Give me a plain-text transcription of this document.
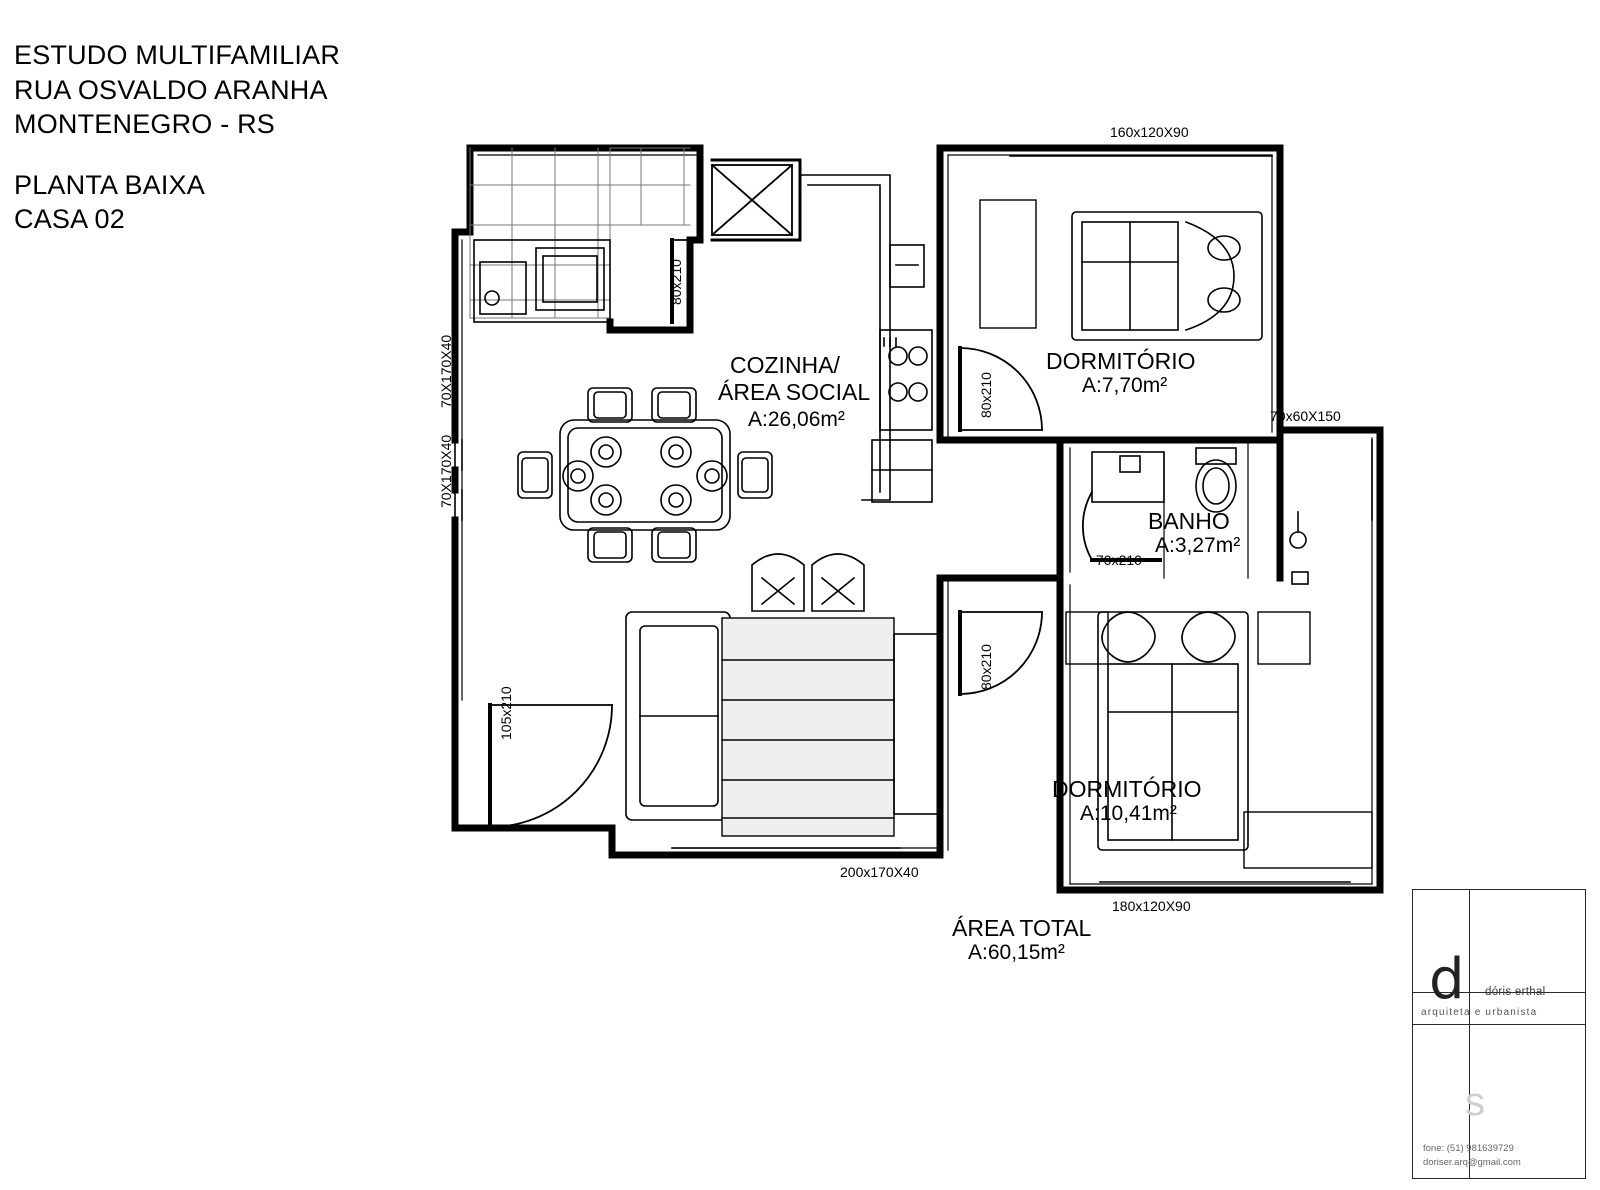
ESTUDO MULTIFAMILIAR
RUA OSVALDO ARANHA
MONTENEGRO - RS
PLANTA BAIXA
CASA 02
160x120X90
70x60X150
80x210
80x210
80x210
70x210
70X170X40
70X170X40
105x210
200x170X40
180x120X90
COZINHA/
ÁREA SOCIAL
A:26,06m²
DORMITÓRIO
A:7,70m²
BANHO
A:3,27m²
DORMITÓRIO
A:10,41m²
ÁREA TOTAL
A:60,15m²	d dóris erthal
arquiteta e urbanista
s
fone: (51) 981639729
doriser.arq@gmail.com
